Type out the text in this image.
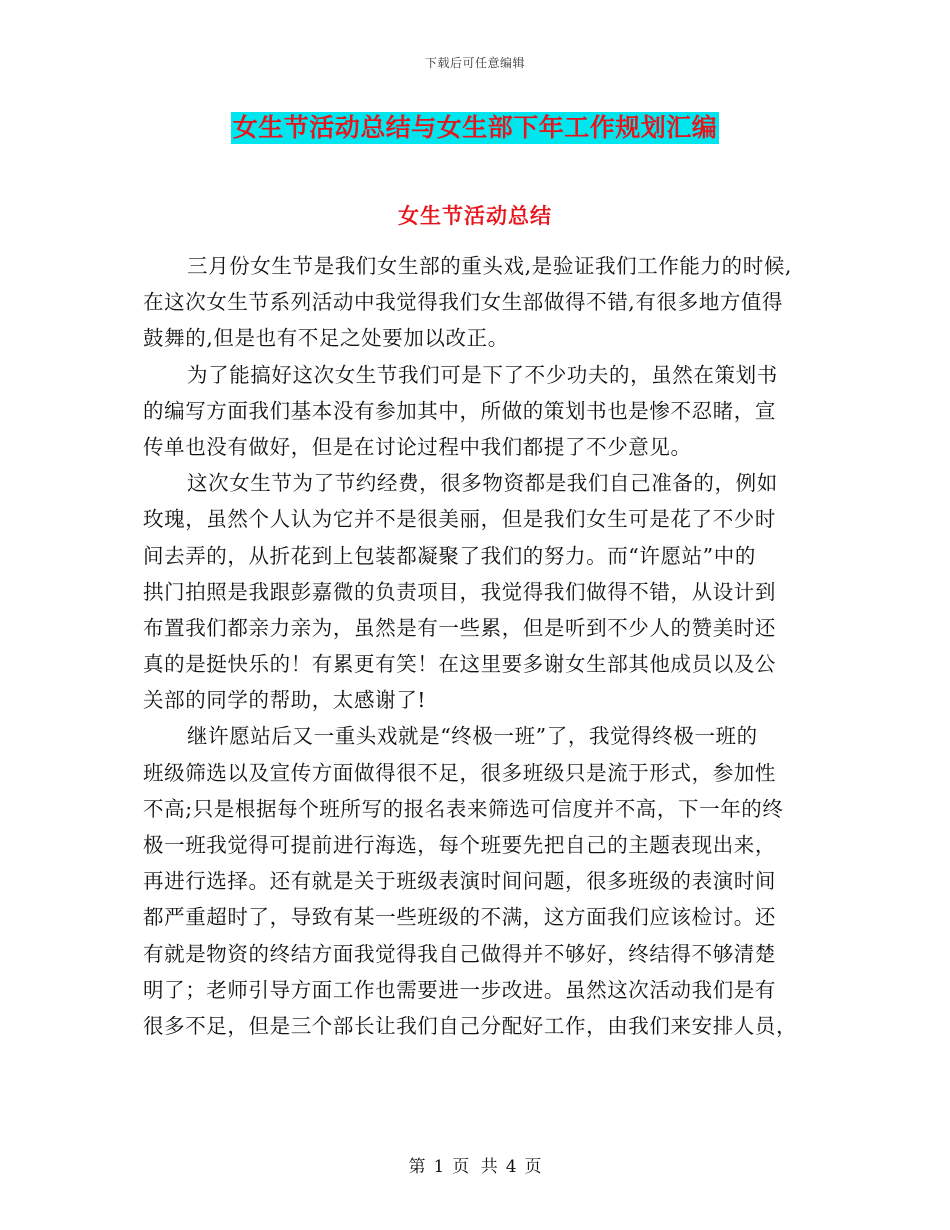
下载后可任意编辑
女生节活动总结与女生部下年工作规划汇编
女生节活动总结
三月份女生节是我们女生部的重头戏,是验证我们工作能力的时候,
在这次女生节系列活动中我觉得我们女生部做得不错,有很多地方值得
鼓舞的,但是也有不足之处要加以改正。
为了能搞好这次女生节我们可是下了不少功夫的，虽然在策划书
的编写方面我们基本没有参加其中，所做的策划书也是惨不忍睹，宣
传单也没有做好，但是在讨论过程中我们都提了不少意见。
这次女生节为了节约经费，很多物资都是我们自己准备的，例如
玫瑰，虽然个人认为它并不是很美丽，但是我们女生可是花了不少时
间去弄的，从折花到上包装都凝聚了我们的努力。而“许愿站”中的
拱门拍照是我跟彭嘉微的负责项目，我觉得我们做得不错，从设计到
布置我们都亲力亲为，虽然是有一些累，但是听到不少人的赞美时还
真的是挺快乐的！有累更有笑！在这里要多谢女生部其他成员以及公
关部的同学的帮助，太感谢了!
继许愿站后又一重头戏就是“终极一班”了，我觉得终极一班的
班级筛选以及宣传方面做得很不足，很多班级只是流于形式，参加性
不高;只是根据每个班所写的报名表来筛选可信度并不高，下一年的终
极一班我觉得可提前进行海选，每个班要先把自己的主题表现出来，
再进行选择。还有就是关于班级表演时间问题，很多班级的表演时间
都严重超时了，导致有某一些班级的不满，这方面我们应该检讨。还
有就是物资的终结方面我觉得我自己做得并不够好，终结得不够清楚
明了；老师引导方面工作也需要进一步改进。虽然这次活动我们是有
很多不足，但是三个部长让我们自己分配好工作，由我们来安排人员，
第 1 页 共 4 页
